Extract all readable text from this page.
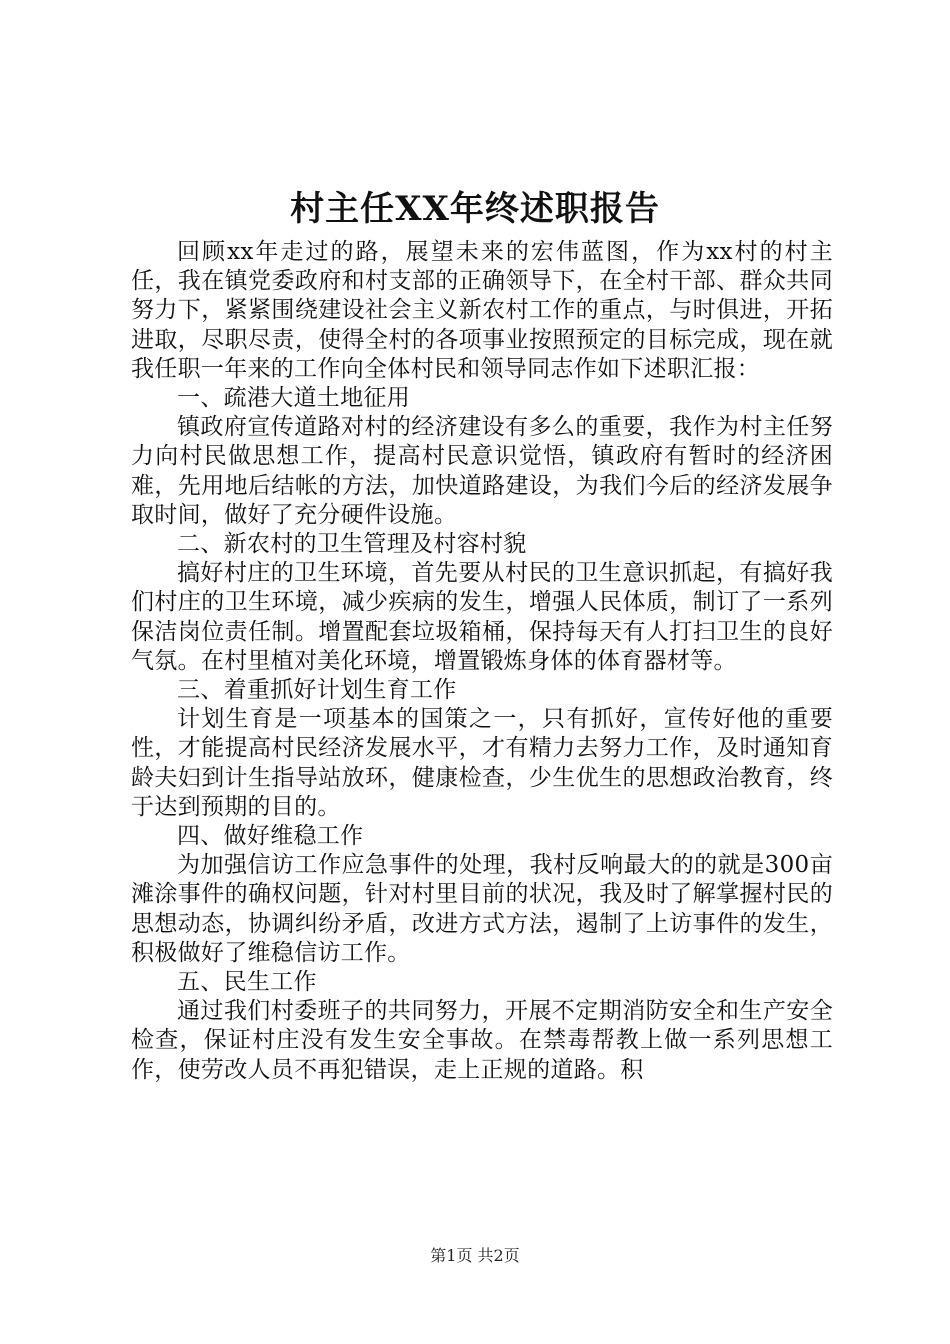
村主任XX年终述职报告

回顾xx年走过的路，展望未来的宏伟蓝图，作为xx村的村主任，我在镇党委政府和村支部的正确领导下，在全村干部、群众共同努力下，紧紧围绕建设社会主义新农村工作的重点，与时俱进，开拓进取，尽职尽责，使得全村的各项事业按照预定的目标完成，现在就我任职一年来的工作向全体村民和领导同志作如下述职汇报：

一、疏港大道土地征用

镇政府宣传道路对村的经济建设有多么的重要，我作为村主任努力向村民做思想工作，提高村民意识觉悟，镇政府有暂时的经济困难，先用地后结帐的方法，加快道路建设，为我们今后的经济发展争取时间，做好了充分硬件设施。

二、新农村的卫生管理及村容村貌

搞好村庄的卫生环境，首先要从村民的卫生意识抓起，有搞好我们村庄的卫生环境，减少疾病的发生，增强人民体质，制订了一系列保洁岗位责任制。增置配套垃圾箱桶，保持每天有人打扫卫生的良好气氛。在村里植对美化环境，增置锻炼身体的体育器材等。

三、着重抓好计划生育工作

计划生育是一项基本的国策之一，只有抓好，宣传好他的重要性，才能提高村民经济发展水平，才有精力去努力工作，及时通知育龄夫妇到计生指导站放环，健康检查，少生优生的思想政治教育，终于达到预期的目的。

四、做好维稳工作

为加强信访工作应急事件的处理，我村反响最大的的就是300亩滩涂事件的确权问题，针对村里目前的状况，我及时了解掌握村民的思想动态，协调纠纷矛盾，改进方式方法，遏制了上访事件的发生，积极做好了维稳信访工作。

五、民生工作

通过我们村委班子的共同努力，开展不定期消防安全和生产安全检查，保证村庄没有发生安全事故。在禁毒帮教上做一系列思想工作，使劳改人员不再犯错误，走上正规的道路。积

第1页 共2页
